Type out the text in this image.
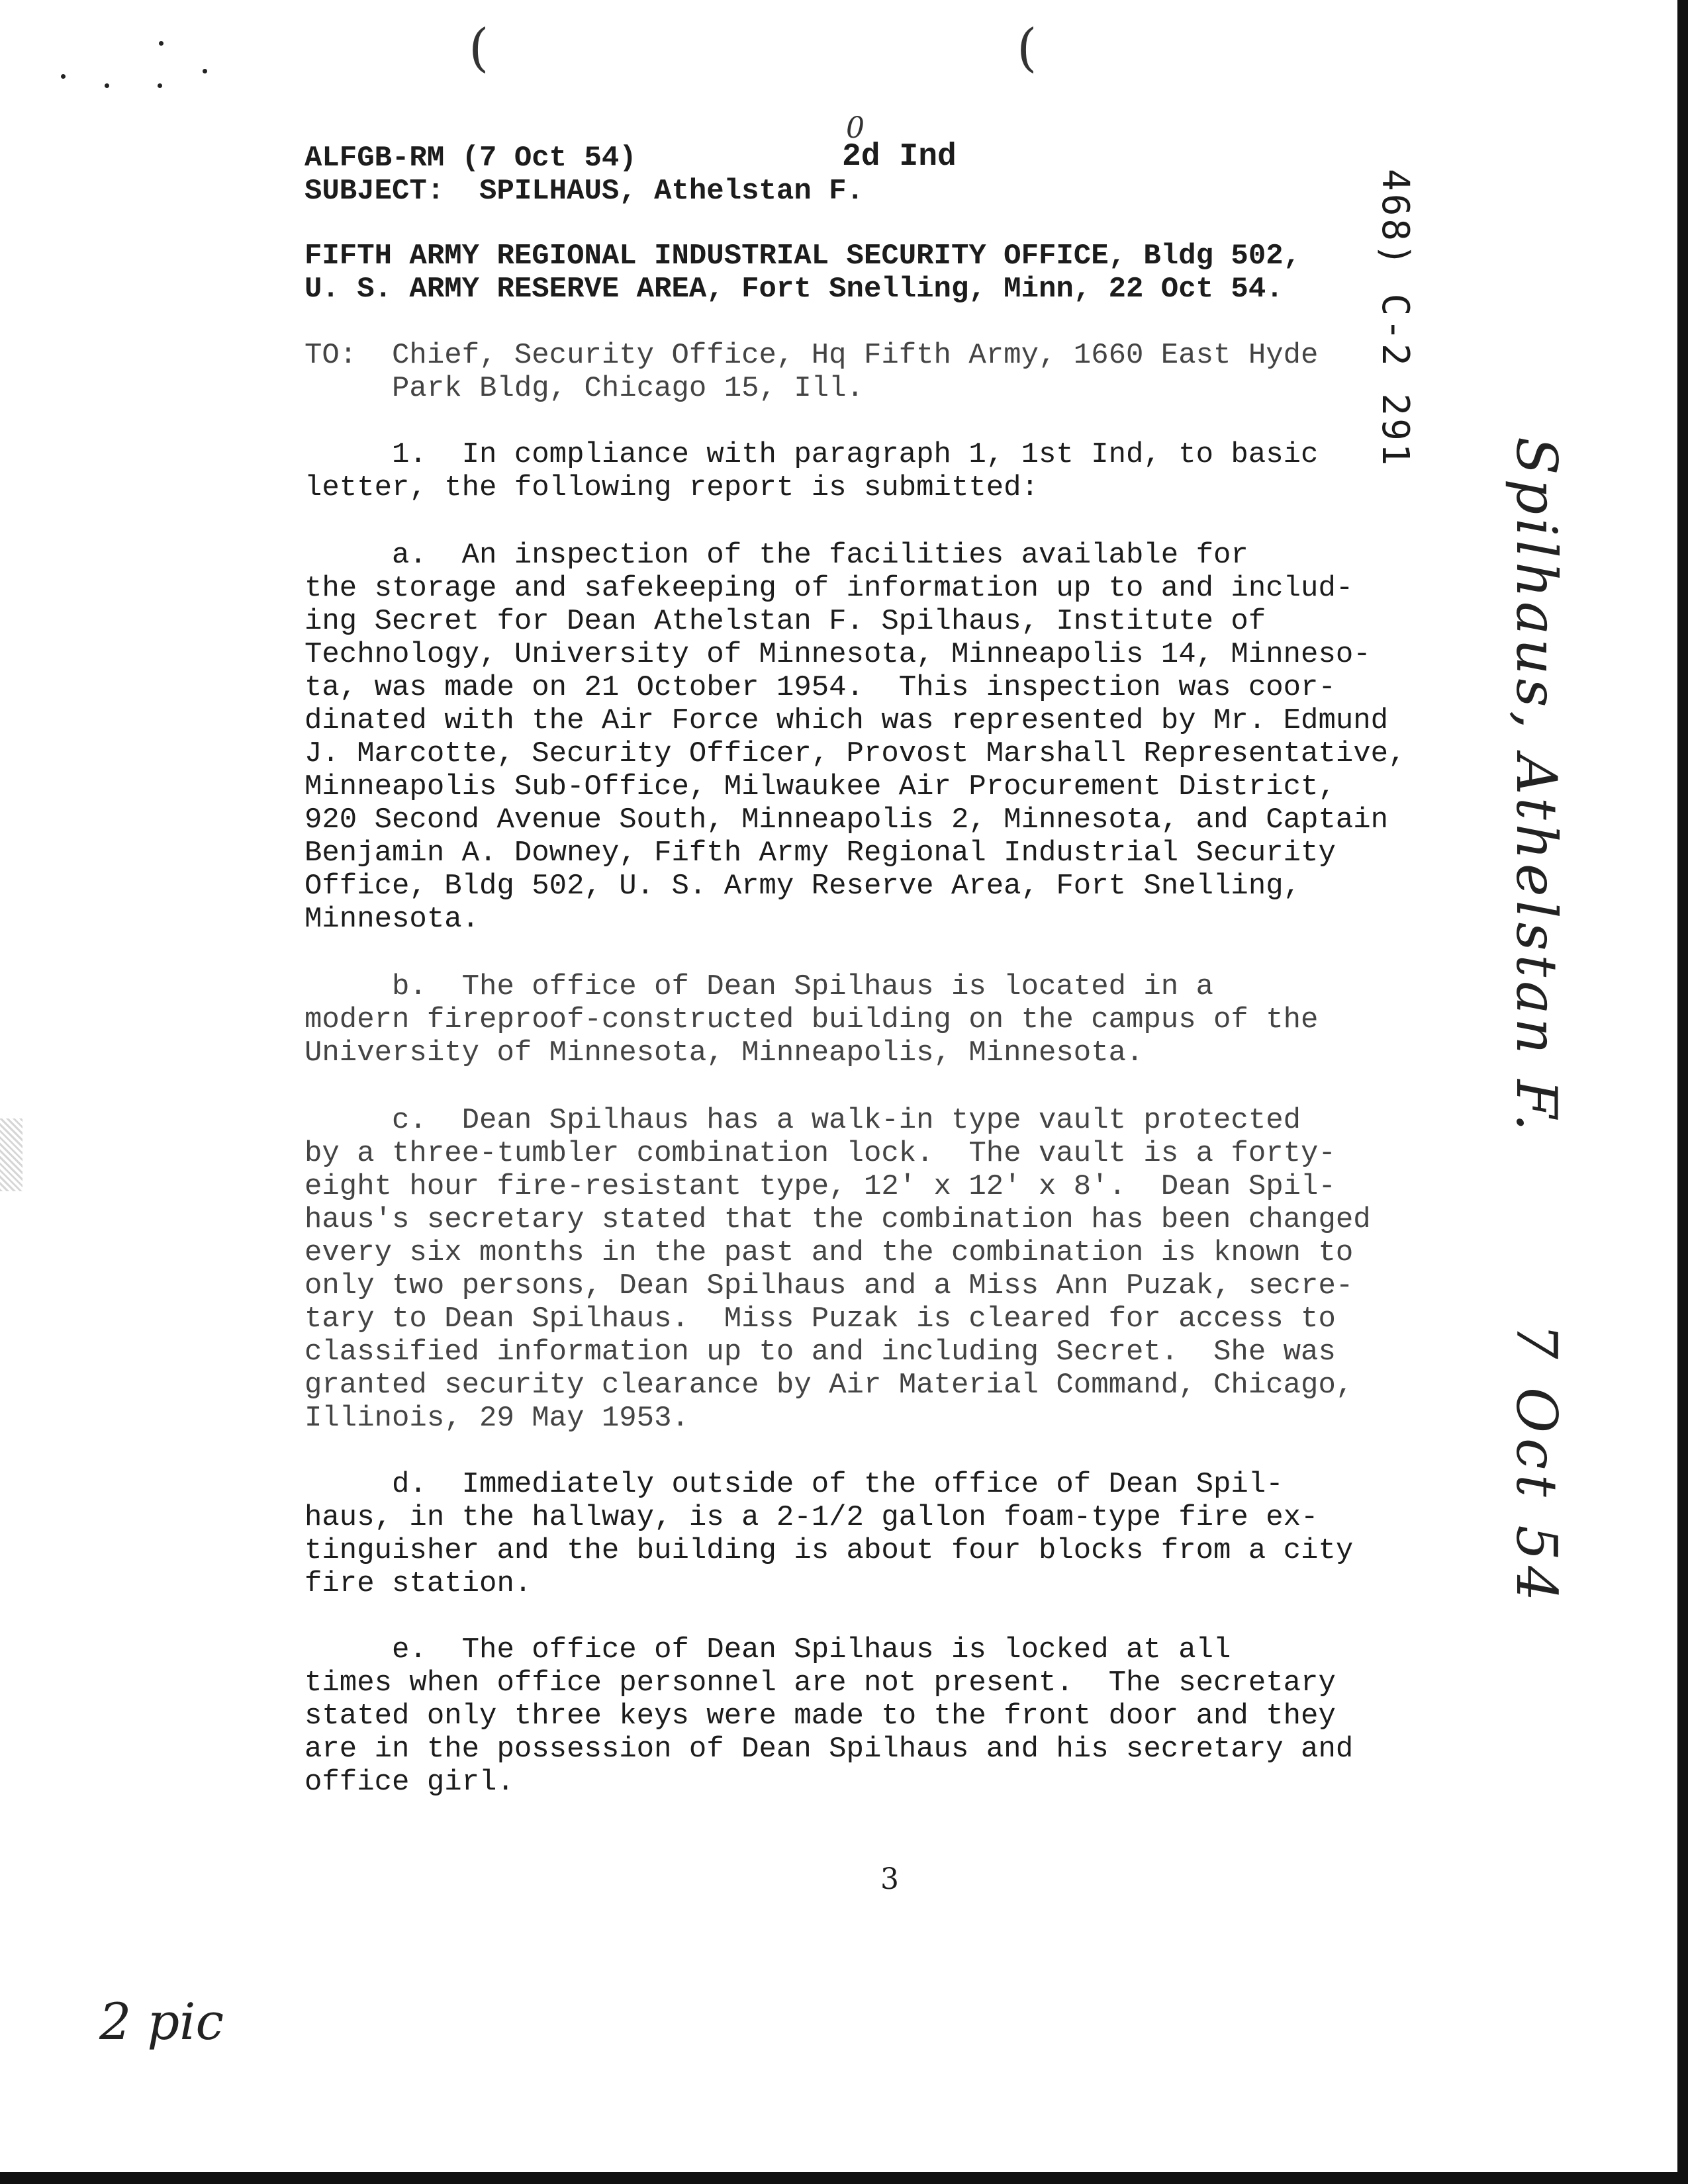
(	(
ALFGB-RM (7 Oct 54)
0
2d Ind
SUBJECT:  SPILHAUS, Athelstan F.
FIFTH ARMY REGIONAL INDUSTRIAL SECURITY OFFICE, Bldg 502,
U. S. ARMY RESERVE AREA, Fort Snelling, Minn, 22 Oct 54.
TO:  Chief, Security Office, Hq Fifth Army, 1660 East Hyde
Park Bldg, Chicago 15, Ill.
1.  In compliance with paragraph 1, 1st Ind, to basic
letter, the following report is submitted:
a.  An inspection of the facilities available for
the storage and safekeeping of information up to and includ-
ing Secret for Dean Athelstan F. Spilhaus, Institute of
Technology, University of Minnesota, Minneapolis 14, Minneso-
ta, was made on 21 October 1954.  This inspection was coor-
dinated with the Air Force which was represented by Mr. Edmund
J. Marcotte, Security Officer, Provost Marshall Representative,
Minneapolis Sub-Office, Milwaukee Air Procurement District,
920 Second Avenue South, Minneapolis 2, Minnesota, and Captain
Benjamin A. Downey, Fifth Army Regional Industrial Security
Office, Bldg 502, U. S. Army Reserve Area, Fort Snelling,
Minnesota.
b.  The office of Dean Spilhaus is located in a
modern fireproof-constructed building on the campus of the
University of Minnesota, Minneapolis, Minnesota.
c.  Dean Spilhaus has a walk-in type vault protected
by a three-tumbler combination lock.  The vault is a forty-
eight hour fire-resistant type, 12' x 12' x 8'.  Dean Spil-
haus's secretary stated that the combination has been changed
every six months in the past and the combination is known to
only two persons, Dean Spilhaus and a Miss Ann Puzak, secre-
tary to Dean Spilhaus.  Miss Puzak is cleared for access to
classified information up to and including Secret.  She was
granted security clearance by Air Material Command, Chicago,
Illinois, 29 May 1953.
d.  Immediately outside of the office of Dean Spil-
haus, in the hallway, is a 2-1/2 gallon foam-type fire ex-
tinguisher and the building is about four blocks from a city
fire station.
e.  The office of Dean Spilhaus is locked at all
times when office personnel are not present.  The secretary
stated only three keys were made to the front door and they
are in the possession of Dean Spilhaus and his secretary and
office girl.
3
468) C-2 291
Spilhaus, Athelstan F.
7 Oct 54
2 pic
